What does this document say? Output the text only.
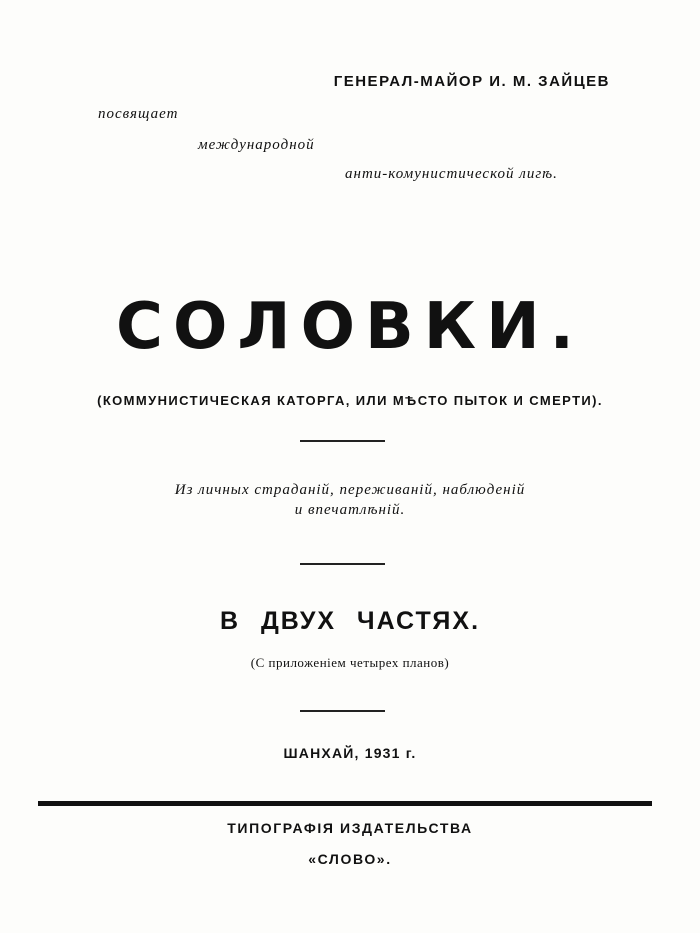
ГЕНЕРАЛ-МАЙОР И. М. ЗАЙЦЕВ
посвящает
международной
анти-комунистической лигѣ.
СОЛОВКИ.
(КОММУНИСТИЧЕСКАЯ КАТОРГА, ИЛИ МѢСТО ПЫТОК И СМЕРТИ).
Из личных страданiй, переживанiй, наблюденiй
и впечатлѣнiй.
В ДВУХ ЧАСТЯХ.
(С приложенiем четырех планов)
ШАНХАЙ, 1931 г.
ТИПОГРАФІЯ ИЗДАТЕЛЬСТВА
«СЛОВО».
